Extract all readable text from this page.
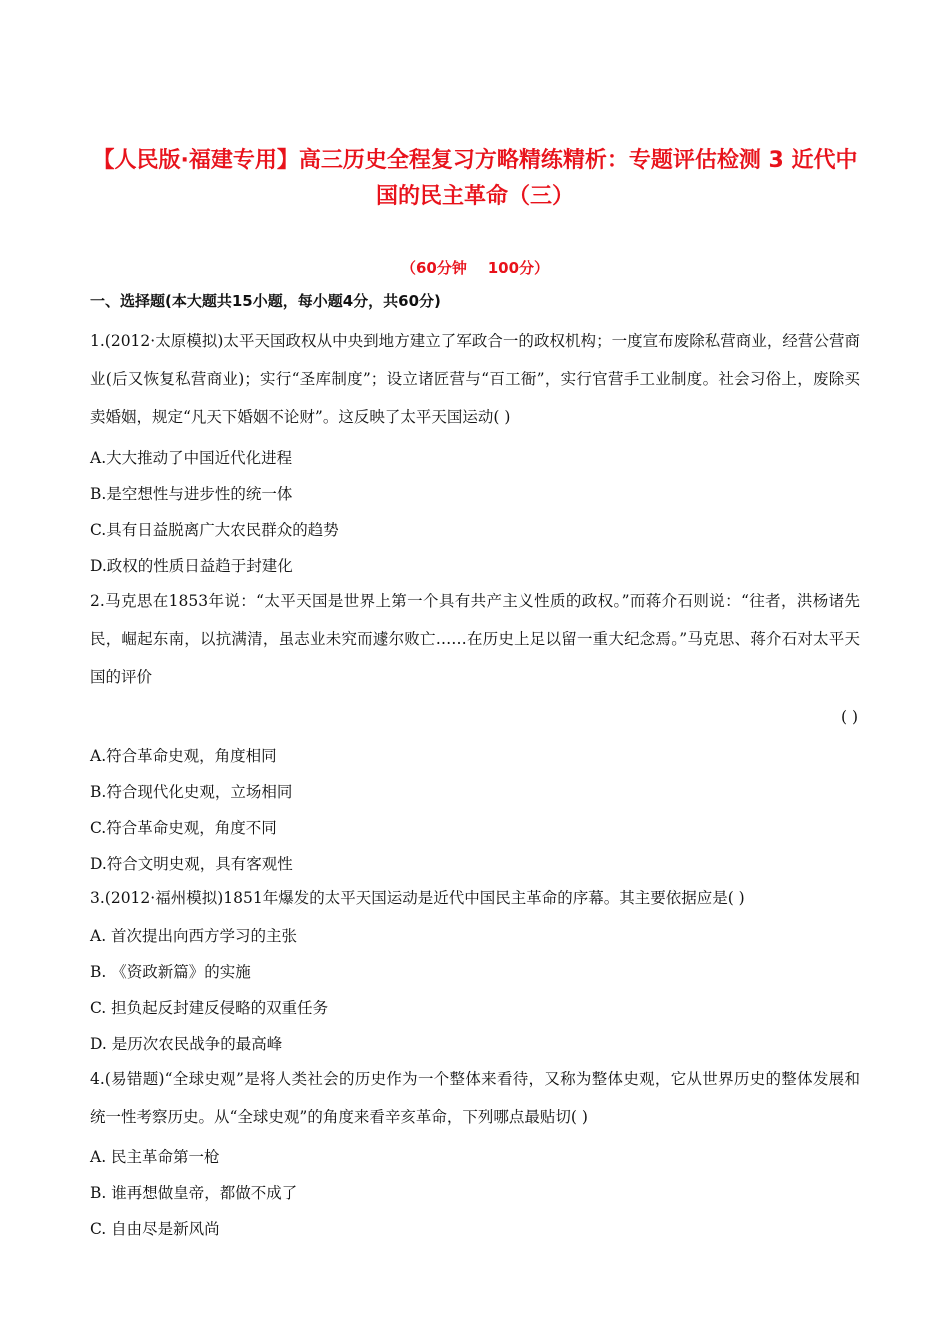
【人民版·福建专用】高三历史全程复习方略精练精析：专题评估检测 3 近代中国的民主革命（三）
（60分钟    100分）
一、选择题(本大题共15小题，每小题4分，共60分)
1.(2012·太原模拟)太平天国政权从中央到地方建立了军政合一的政权机构；一度宣布废除私营商业，经营公营商业(后又恢复私营商业)；实行“圣库制度”；设立诸匠营与“百工衙”，实行官营手工业制度。社会习俗上，废除买卖婚姻，规定“凡天下婚姻不论财”。这反映了太平天国运动( )
A.大大推动了中国近代化进程
B.是空想性与进步性的统一体
C.具有日益脱离广大农民群众的趋势
D.政权的性质日益趋于封建化
2.马克思在1853年说：“太平天国是世界上第一个具有共产主义性质的政权。”而蒋介石则说：“往者，洪杨诸先民，崛起东南，以抗满清，虽志业未究而遽尔败亡……在历史上足以留一重大纪念焉。”马克思、蒋介石对太平天国的评价
( )
A.符合革命史观，角度相同
B.符合现代化史观，立场相同
C.符合革命史观，角度不同
D.符合文明史观，具有客观性
3.(2012·福州模拟)1851年爆发的太平天国运动是近代中国民主革命的序幕。其主要依据应是( )
A. 首次提出向西方学习的主张
B. 《资政新篇》的实施
C. 担负起反封建反侵略的双重任务
D. 是历次农民战争的最高峰
4.(易错题)“全球史观”是将人类社会的历史作为一个整体来看待，又称为整体史观，它从世界历史的整体发展和统一性考察历史。从“全球史观”的角度来看辛亥革命，下列哪点最贴切( )
A. 民主革命第一枪
B. 谁再想做皇帝，都做不成了
C. 自由尽是新风尚
